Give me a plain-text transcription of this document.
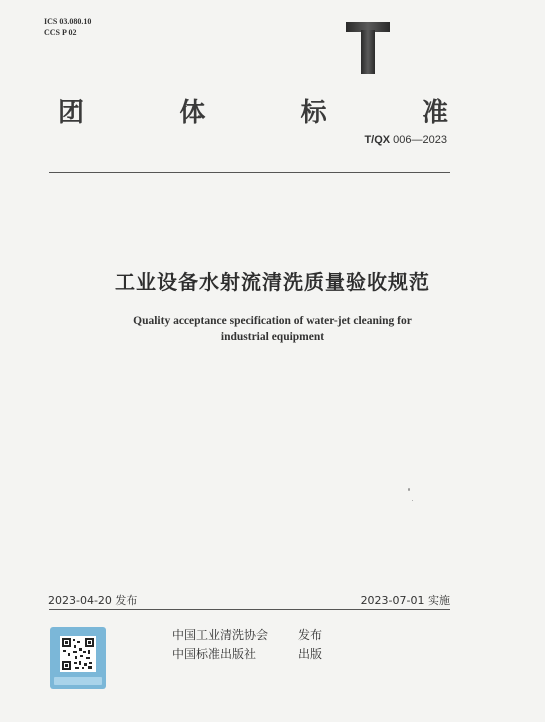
ICS 03.080.10
CCS P 02
团	体	标	准
T/QX 006—2023
工业设备水射流清洗质量验收规范
Quality acceptance specification of water-jet cleaning for
industrial equipment
2023-04-20 发布	2023-07-01 实施
中国工业清洗协会	发布
中国标准出版社	出版
